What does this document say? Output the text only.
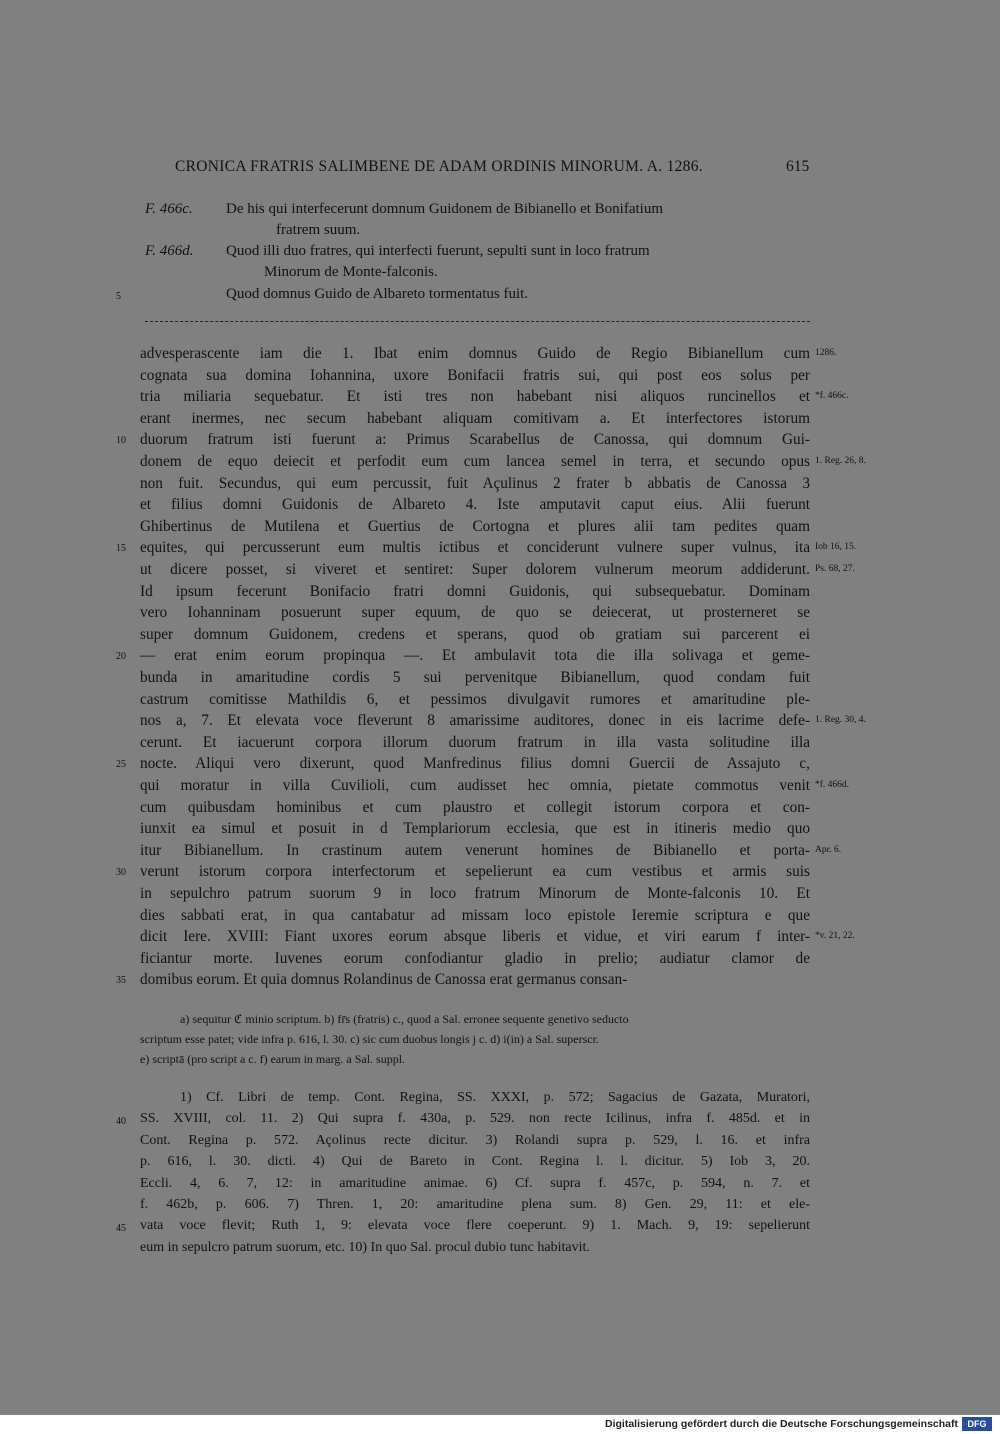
CRONICA FRATRIS SALIMBENE DE ADAM ORDINIS MINORUM. A. 1286.	615
F. 466c. De his qui interfecerunt domnum Guidonem de Bibianello et Bonifatium
fratrem suum.
F. 466d. Quod illi duo fratres, qui interfecti fuerunt, sepulti sunt in loco fratrum
Minorum de Monte-falconis.
5	Quod domnus Guido de Albareto tormentatus fuit.
advesperascente iam die 1. Ibat enim domnus Guido de Regio Bibianellum cum
cognata sua domina Iohannina, uxore Bonifacii fratris sui, qui post eos solus per
tria miliaria sequebatur. Et isti tres non habebant nisi aliquos runcinellos et
erant inermes, nec secum habebant aliquam comitivam a. Et interfectores istorum
duorum fratrum isti fuerunt a: Primus Scarabellus de Canossa, qui domnum Gui-
donem de equo deiecit et perfodit eum cum lancea semel in terra, et secundo opus
non fuit. Secundus, qui eum percussit, fuit Açulinus 2 frater b abbatis de Canossa 3
et filius domni Guidonis de Albareto 4. Iste amputavit caput eius. Alii fuerunt
Ghibertinus de Mutilena et Guertius de Cortogna et plures alii tam pedites quam
equites, qui percusserunt eum multis ictibus et conciderunt vulnere super vulnus, ita
ut dicere posset, si viveret et sentiret: Super dolorem vulnerum meorum addiderunt.
Id ipsum fecerunt Bonifacio fratri domni Guidonis, qui subsequebatur. Dominam
vero Iohanninam posuerunt super equum, de quo se deiecerat, ut prosterneret se
super domnum Guidonem, credens et sperans, quod ob gratiam sui parcerent ei
— erat enim eorum propinqua —. Et ambulavit tota die illa solivaga et geme-
bunda in amaritudine cordis 5 sui pervenitque Bibianellum, quod condam fuit
castrum comitisse Mathildis 6, et pessimos divulgavit rumores et amaritudine ple-
nos a, 7. Et elevata voce fleverunt 8 amarissime auditores, donec in eis lacrime defe-
cerunt. Et iacuerunt corpora illorum duorum fratrum in illa vasta solitudine illa
nocte. Aliqui vero dixerunt, quod Manfredinus filius domni Guercii de Assajuto c,
qui moratur in villa Cuvilioli, cum audisset hec omnia, pietate commotus venit
cum quibusdam hominibus et cum plaustro et collegit istorum corpora et con-
iunxit ea simul et posuit in d Templariorum ecclesia, que est in itineris medio quo
itur Bibianellum. In crastinum autem venerunt homines de Bibianello et porta-
verunt istorum corpora interfectorum et sepelierunt ea cum vestibus et armis suis
in sepulchro patrum suorum 9 in loco fratrum Minorum de Monte-falconis 10. Et
dies sabbati erat, in qua cantabatur ad missam loco epistole Ieremie scriptura e que
dicit Iere. XVIII: Fiant uxores eorum absque liberis et vidue, et viri earum f inter-
ficiantur morte. Iuvenes eorum confodiantur gladio in prelio; audiatur clamor de
domibus eorum. Et quia domnus Rolandinus de Canossa erat germanus consan-
10
15
20
25
30
35
1286.
*f. 466c.
1. Reg. 26, 8.
Iob 16, 15.
Ps. 68, 27.
1. Reg. 30, 4.
*f. 466d.
Apr. 6.
*v. 21, 22.
a) sequitur ℭ minio scriptum. b) fr̄s (fratris) c., quod a Sal. erronee sequente genetivo seducto
scriptum esse patet; vide infra p. 616, l. 30. c) sic cum duobus longis j c. d) i(in) a Sal. superscr.
e) scriptā (pro script a c. f) earum in marg. a Sal. suppl.
1) Cf. Libri de temp. Cont. Regina, SS. XXXI, p. 572; Sagacius de Gazata, Muratori,
SS. XVIII, col. 11. 2) Qui supra f. 430a, p. 529. non recte Icilinus, infra f. 485d. et in
Cont. Regina p. 572. Açolinus recte dicitur. 3) Rolandi supra p. 529, l. 16. et infra
p. 616, l. 30. dicti. 4) Qui de Bareto in Cont. Regina l. l. dicitur. 5) Iob 3, 20.
Eccli. 4, 6. 7, 12: in amaritudine animae. 6) Cf. supra f. 457c, p. 594, n. 7. et
f. 462b, p. 606. 7) Thren. 1, 20: amaritudine plena sum. 8) Gen. 29, 11: et ele-
vata voce flevit; Ruth 1, 9: elevata voce flere coeperunt. 9) 1. Mach. 9, 19: sepelierunt
eum in sepulcro patrum suorum, etc. 10) In quo Sal. procul dubio tunc habitavit.
40
45
Digitalisierung gefördert durch die Deutsche Forschungsgemeinschaft	DFG
